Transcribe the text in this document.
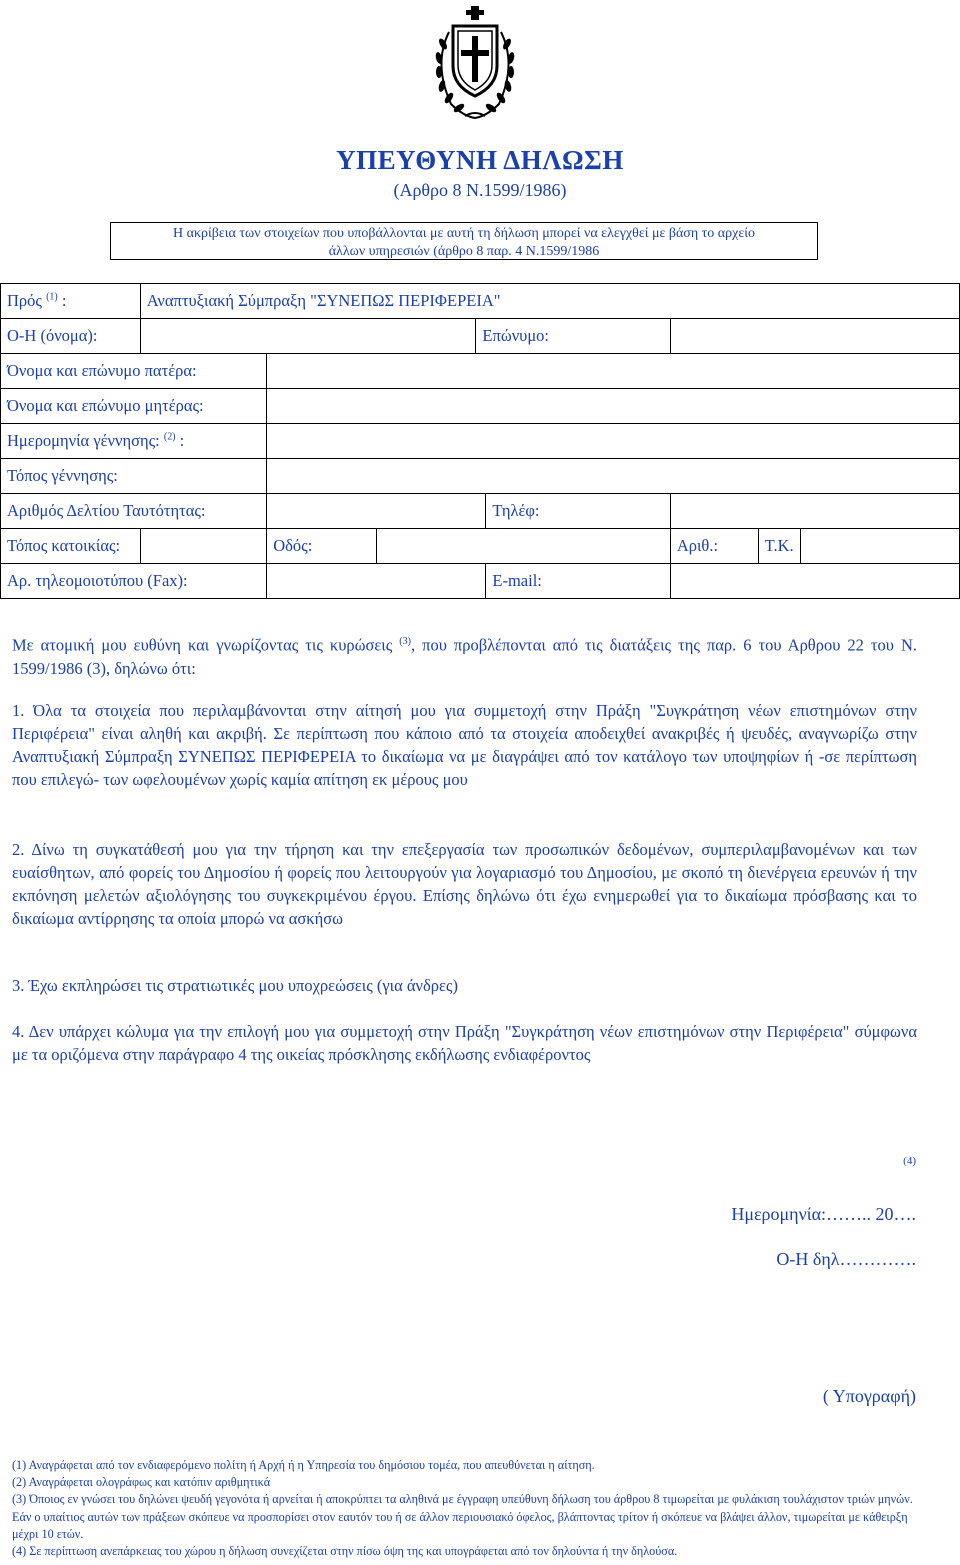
ΥΠΕΥΘΥΝΗ ΔΗΛΩΣΗ
(Αρθρο 8 Ν.1599/1986)
Η ακρίβεια των στοιχείων που υποβάλλονται με αυτή τη δήλωση μπορεί να ελεγχθεί με βάση το αρχείο
άλλων υπηρεσιών (άρθρο 8 παρ. 4 Ν.1599/1986
Πρός $^{(1)}$ :	Αναπτυξιακή Σύμπραξη "ΣΥΝΕΠΩΣ ΠΕΡΙΦΕΡΕΙΑ"							
Ο-Η (όνομα):				Επώνυμο:				
Όνομα και επώνυμο πατέρα:								
Όνομα και επώνυμο μητέρας:								
Ημερομηνία γέννησης: $^{(2)}$ :								
Τόπος γέννησης:								
Αριθμός Δελτίου Ταυτότητας:					Τηλέφ:			
Τόπος κατοικίας:		Οδός:				Αριθ.:	Τ.Κ.	
Αρ. τηλεομοιοτύπου (Fax):					E-mail:			
Με ατομική μου ευθύνη και γνωρίζοντας τις κυρώσεις $^{(3)}$, που προβλέπονται από τις διατάξεις της παρ. 6 του Αρθρου 22 του Ν. 1599/1986 (3), δηλώνω ότι:
1. Όλα τα στοιχεία που περιλαμβάνονται στην αίτησή μου για συμμετοχή στην Πράξη "Συγκράτηση νέων επιστημόνων στην Περιφέρεια" είναι αληθή και ακριβή. Σε περίπτωση που κάποιο από τα στοιχεία αποδειχθεί ανακριβές ή ψευδές, αναγνωρίζω στην Αναπτυξιακή Σύμπραξη ΣΥΝΕΠΩΣ ΠΕΡΙΦΕΡΕΙΑ το δικαίωμα να με διαγράψει από τον κατάλογο των υποψηφίων ή -σε περίπτωση που επιλεγώ- των ωφελουμένων χωρίς καμία απίτηση εκ μέρους μου
2. Δίνω τη συγκατάθεσή μου για την τήρηση και την επεξεργασία των προσωπικών δεδομένων, συμπεριλαμβανομένων και των ευαίσθητων, από φορείς του Δημοσίου ή φορείς που λειτουργούν για λογαριασμό του Δημοσίου, με σκοπό τη διενέργεια ερευνών ή την εκπόνηση μελετών αξιολόγησης του συγκεκριμένου έργου. Επίσης δηλώνω ότι έχω ενημερωθεί για το δικαίωμα πρόσβασης και το δικαίωμα αντίρρησης τα οποία μπορώ να ασκήσω
3. Έχω εκπληρώσει τις στρατιωτικές μου υποχρεώσεις (για άνδρες)
4. Δεν υπάρχει κώλυμα για την επιλογή μου για συμμετοχή στην Πράξη "Συγκράτηση νέων επιστημόνων στην Περιφέρεια" σύμφωνα με τα οριζόμενα στην παράγραφο 4 της οικείας πρόσκλησης εκδήλωσης ενδιαφέροντος
(4)
Ημερομηνία:…….. 20….
Ο-Η δηλ………….
( Υπογραφή)
(1) Αναγράφεται από τον ενδιαφερόμενο πολίτη ή Αρχή ή η Υπηρεσία του δημόσιου τομέα, που απευθύνεται η αίτηση.
(2) Αναγράφεται ολογράφως και κατόπιν αριθμητικά
(3) Όποιος εν γνώσει του δηλώνει ψευδή γεγονότα ή αρνείται ή αποκρύπτει τα αληθινά με έγγραφη υπεύθυνη δήλωση του άρθρου 8 τιμωρείται με φυλάκιση τουλάχιστον τριών μηνών. Εάν ο υπαίτιος αυτών των πράξεων σκόπευε να προσπορίσει στον εαυτόν του ή σε άλλον περιουσιακό όφελος, βλάπτοντας τρίτον ή σκόπευε να βλάψει άλλον, τιμωρείται με κάθειρξη μέχρι 10 ετών.
(4) Σε περίπτωση ανεπάρκειας του χώρου η δήλωση συνεχίζεται στην πίσω όψη της και υπογράφεται από τον δηλούντα ή την δηλούσα.
